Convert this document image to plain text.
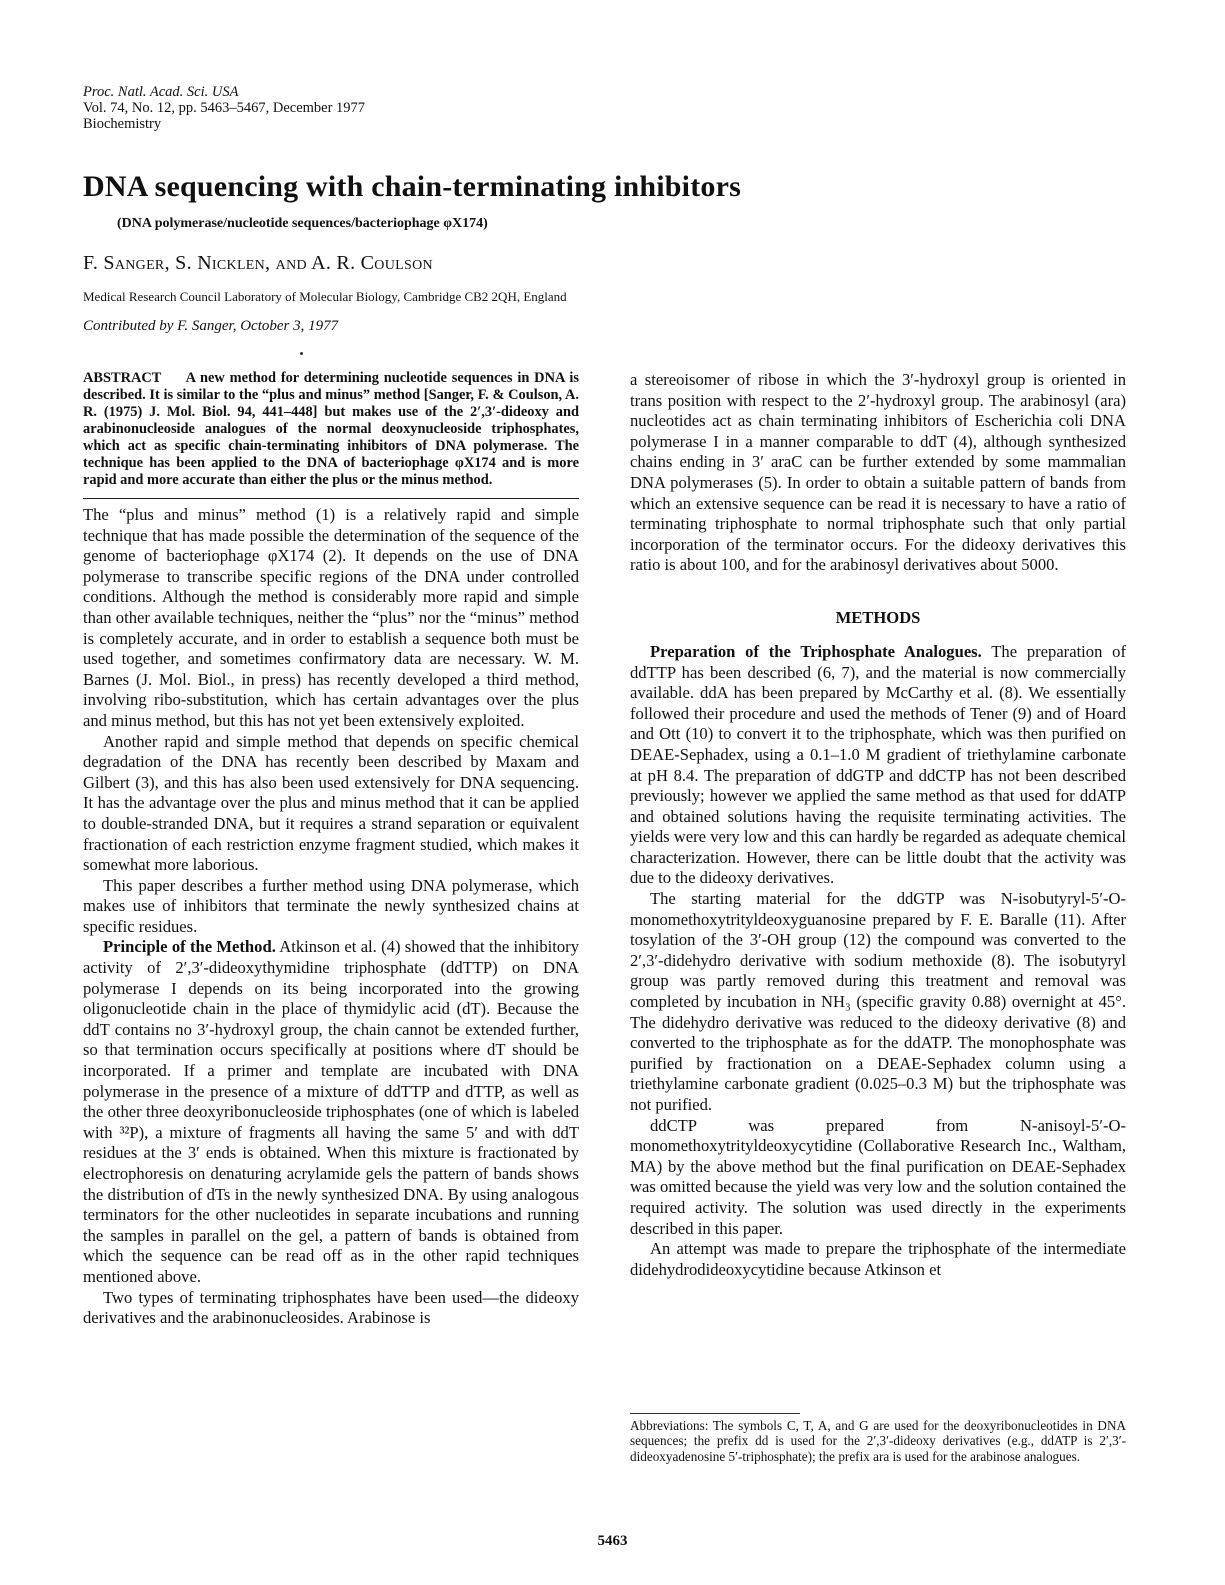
Proc. Natl. Acad. Sci. USA
Vol. 74, No. 12, pp. 5463–5467, December 1977
Biochemistry
DNA sequencing with chain-terminating inhibitors
(DNA polymerase/nucleotide sequences/bacteriophage φX174)
F. Sanger, S. Nicklen, and A. R. Coulson
Medical Research Council Laboratory of Molecular Biology, Cambridge CB2 2QH, England
Contributed by F. Sanger, October 3, 1977
ABSTRACT A new method for determining nucleotide sequences in DNA is described. It is similar to the “plus and minus” method [Sanger, F. & Coulson, A. R. (1975) J. Mol. Biol. 94, 441–448] but makes use of the 2′,3′-dideoxy and arabinonucleoside analogues of the normal deoxynucleoside triphosphates, which act as specific chain-terminating inhibitors of DNA polymerase. The technique has been applied to the DNA of bacteriophage φX174 and is more rapid and more accurate than either the plus or the minus method.

The “plus and minus” method (1) is a relatively rapid and simple technique that has made possible the determination of the sequence of the genome of bacteriophage φX174 (2). It depends on the use of DNA polymerase to transcribe specific regions of the DNA under controlled conditions. Although the method is considerably more rapid and simple than other available techniques, neither the “plus” nor the “minus” method is completely accurate, and in order to establish a sequence both must be used together, and sometimes confirmatory data are necessary. W. M. Barnes (J. Mol. Biol., in press) has recently developed a third method, involving ribo-substitution, which has certain advantages over the plus and minus method, but this has not yet been extensively exploited.

Another rapid and simple method that depends on specific chemical degradation of the DNA has recently been described by Maxam and Gilbert (3), and this has also been used extensively for DNA sequencing. It has the advantage over the plus and minus method that it can be applied to double-stranded DNA, but it requires a strand separation or equivalent fractionation of each restriction enzyme fragment studied, which makes it somewhat more laborious.

This paper describes a further method using DNA polymerase, which makes use of inhibitors that terminate the newly synthesized chains at specific residues.

Principle of the Method. Atkinson et al. (4) showed that the inhibitory activity of 2′,3′-dideoxythymidine triphosphate (ddTTP) on DNA polymerase I depends on its being incorporated into the growing oligonucleotide chain in the place of thymidylic acid (dT). Because the ddT contains no 3′-hydroxyl group, the chain cannot be extended further, so that termination occurs specifically at positions where dT should be incorporated. If a primer and template are incubated with DNA polymerase in the presence of a mixture of ddTTP and dTTP, as well as the other three deoxyribonucleoside triphosphates (one of which is labeled with ³²P), a mixture of fragments all having the same 5′ and with ddT residues at the 3′ ends is obtained. When this mixture is fractionated by electrophoresis on denaturing acrylamide gels the pattern of bands shows the distribution of dTs in the newly synthesized DNA. By using analogous terminators for the other nucleotides in separate incubations and running the samples in parallel on the gel, a pattern of bands is obtained from which the sequence can be read off as in the other rapid techniques mentioned above.

Two types of terminating triphosphates have been used—the dideoxy derivatives and the arabinonucleosides. Arabinose is

a stereoisomer of ribose in which the 3′-hydroxyl group is oriented in trans position with respect to the 2′-hydroxyl group. The arabinosyl (ara) nucleotides act as chain terminating inhibitors of Escherichia coli DNA polymerase I in a manner comparable to ddT (4), although synthesized chains ending in 3′ araC can be further extended by some mammalian DNA polymerases (5). In order to obtain a suitable pattern of bands from which an extensive sequence can be read it is necessary to have a ratio of terminating triphosphate to normal triphosphate such that only partial incorporation of the terminator occurs. For the dideoxy derivatives this ratio is about 100, and for the arabinosyl derivatives about 5000.

METHODS

Preparation of the Triphosphate Analogues. The preparation of ddTTP has been described (6, 7), and the material is now commercially available. ddA has been prepared by McCarthy et al. (8). We essentially followed their procedure and used the methods of Tener (9) and of Hoard and Ott (10) to convert it to the triphosphate, which was then purified on DEAE-Sephadex, using a 0.1–1.0 M gradient of triethylamine carbonate at pH 8.4. The preparation of ddGTP and ddCTP has not been described previously; however we applied the same method as that used for ddATP and obtained solutions having the requisite terminating activities. The yields were very low and this can hardly be regarded as adequate chemical characterization. However, there can be little doubt that the activity was due to the dideoxy derivatives.

The starting material for the ddGTP was N-isobutyryl-5′-O-monomethoxytrityldeoxyguanosine prepared by F. E. Baralle (11). After tosylation of the 3′-OH group (12) the compound was converted to the 2′,3′-didehydro derivative with sodium methoxide (8). The isobutyryl group was partly removed during this treatment and removal was completed by incubation in NH₃ (specific gravity 0.88) overnight at 45°. The didehydro derivative was reduced to the dideoxy derivative (8) and converted to the triphosphate as for the ddATP. The monophosphate was purified by fractionation on a DEAE-Sephadex column using a triethylamine carbonate gradient (0.025–0.3 M) but the triphosphate was not purified.

ddCTP was prepared from N-anisoyl-5′-O-monomethoxytrityldeoxycytidine (Collaborative Research Inc., Waltham, MA) by the above method but the final purification on DEAE-Sephadex was omitted because the yield was very low and the solution contained the required activity. The solution was used directly in the experiments described in this paper.

An attempt was made to prepare the triphosphate of the intermediate didehydrodideoxycytidine because Atkinson et

Abbreviations: The symbols C, T, A, and G are used for the deoxyribonucleotides in DNA sequences; the prefix dd is used for the 2′,3′-dideoxy derivatives (e.g., ddATP is 2′,3′-dideoxyadenosine 5′-triphosphate); the prefix ara is used for the arabinose analogues.
5463
